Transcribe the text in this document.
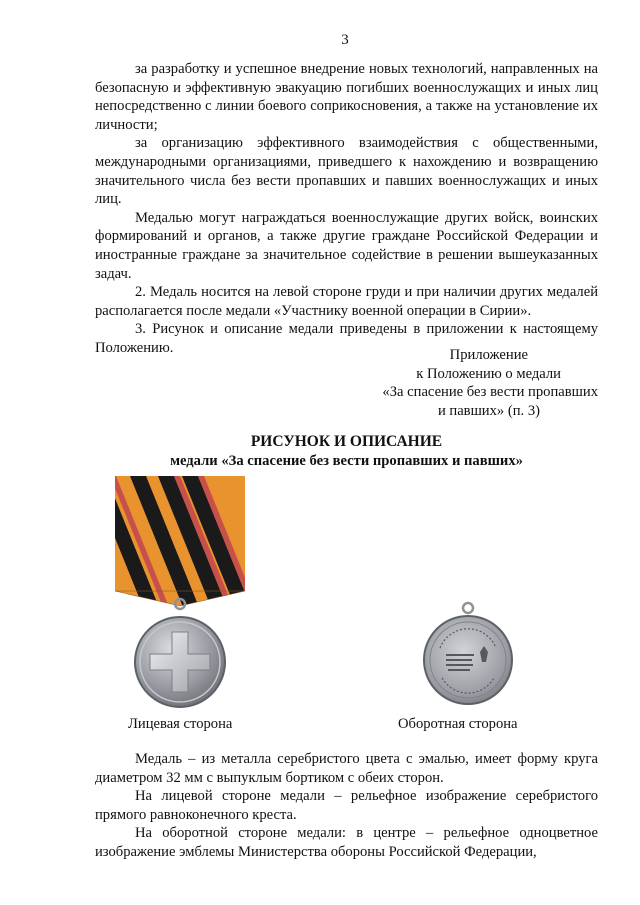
3

за разработку и успешное внедрение новых технологий, направленных на безопасную и эффективную эвакуацию погибших военнослужащих и иных лиц непосредственно с линии боевого соприкосновения, а также на установление их личности;

за организацию эффективного взаимодействия с общественными, международными организациями, приведшего к нахождению и возвращению значительного числа без вести пропавших и павших военнослужащих и иных лиц.

Медалью могут награждаться военнослужащие других войск, воинских формирований и органов, а также другие граждане Российской Федерации и иностранные граждане за значительное содействие в решении вышеуказанных задач.

2. Медаль носится на левой стороне груди и при наличии других медалей располагается после медали «Участнику военной операции в Сирии».

3. Рисунок и описание медали приведены в приложении к настоящему Положению.	Приложение
к Положению о медали
«За спасение без вести пропавших
и павших» (п. 3)
РИСУНОК И ОПИСАНИЕ
медали «За спасение без вести пропавших и павших»
Лицевая сторона	Оборотная сторона

Медаль – из металла серебристого цвета с эмалью, имеет форму круга диаметром 32 мм с выпуклым бортиком с обеих сторон.

На лицевой стороне медали – рельефное изображение серебристого прямого равноконечного креста.

На оборотной стороне медали: в центре – рельефное одноцветное изображение эмблемы Министерства обороны Российской Федерации,
